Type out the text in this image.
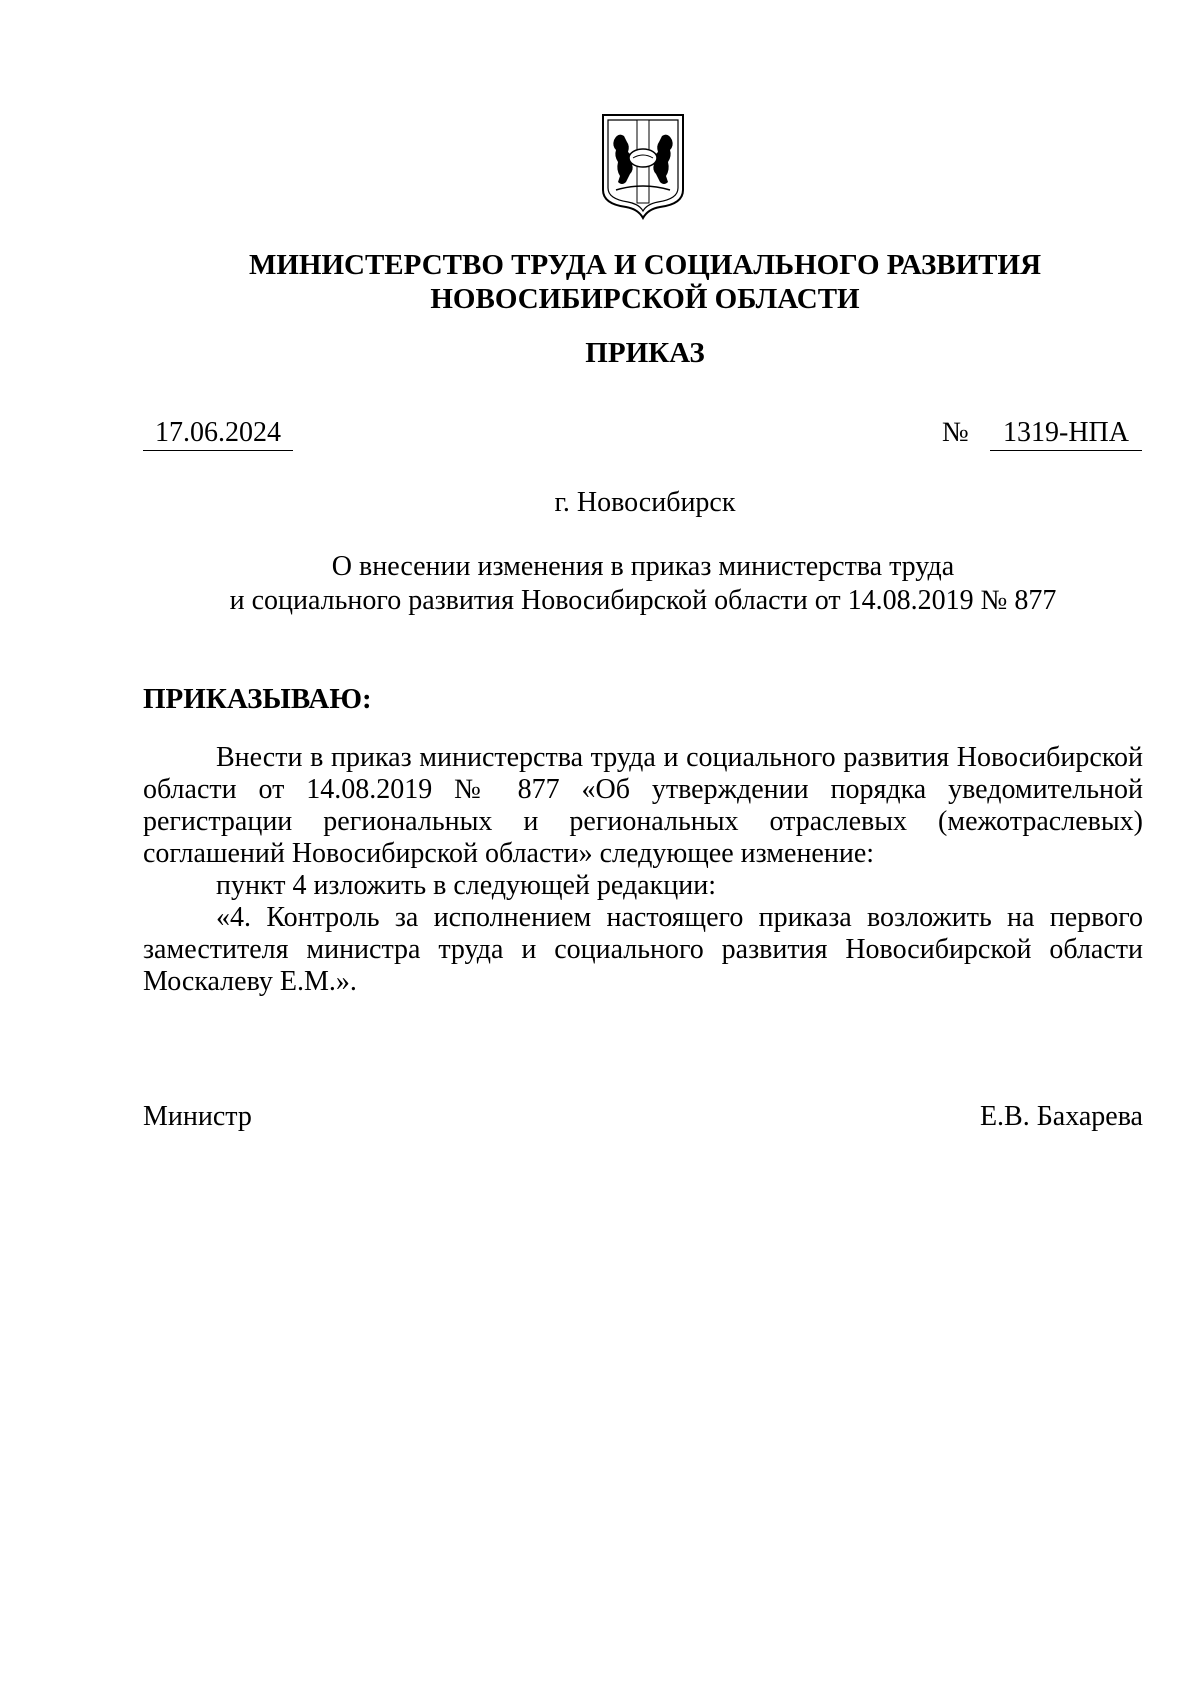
МИНИСТЕРСТВО ТРУДА И СОЦИАЛЬНОГО РАЗВИТИЯ
НОВОСИБИРСКОЙ ОБЛАСТИ
ПРИКАЗ
17.06.2024	№	1319-НПА
г. Новосибирск
О внесении изменения в приказ министерства труда
и социального развития Новосибирской области от 14.08.2019 № 877
ПРИКАЗЫВАЮ:

Внести в приказ министерства труда и социального развития Новосибирской области от 14.08.2019 № 877 «Об утверждении порядка уведомительной регистрации региональных и региональных отраслевых (межотраслевых) соглашений Новосибирской области» следующее изменение:

пункт 4 изложить в следующей редакции:

«4. Контроль за исполнением настоящего приказа возложить на первого заместителя министра труда и социального развития Новосибирской области Москалеву Е.М.».

Министр	Е.В. Бахарева
